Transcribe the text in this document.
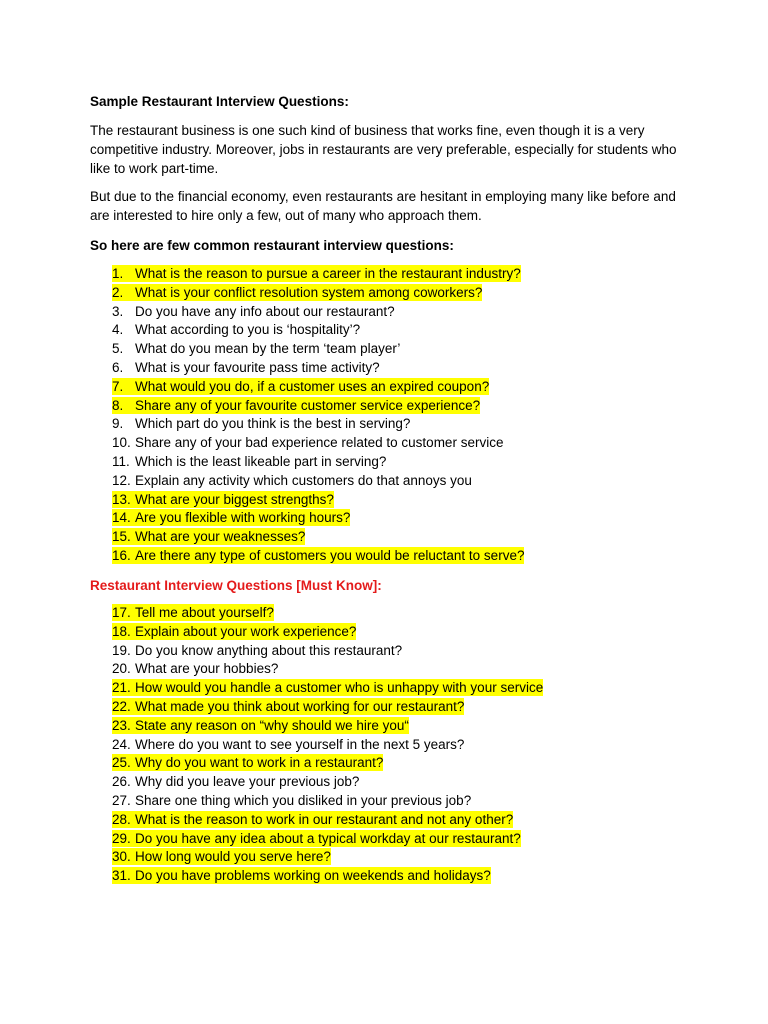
Sample Restaurant Interview Questions:
The restaurant business is one such kind of business that works fine, even though it is a very competitive industry. Moreover, jobs in restaurants are very preferable, especially for students who like to work part-time.
But due to the financial economy, even restaurants are hesitant in employing many like before and are interested to hire only a few, out of many who approach them.
So here are few common restaurant interview questions:
1. What is the reason to pursue a career in the restaurant industry?
2. What is your conflict resolution system among coworkers?
3. Do you have any info about our restaurant?
4. What according to you is ‘hospitality’?
5. What do you mean by the term ‘team player’
6. What is your favourite pass time activity?
7. What would you do, if a customer uses an expired coupon?
8. Share any of your favourite customer service experience?
9. Which part do you think is the best in serving?
10. Share any of your bad experience related to customer service
11. Which is the least likeable part in serving?
12. Explain any activity which customers do that annoys you
13. What are your biggest strengths?
14. Are you flexible with working hours?
15. What are your weaknesses?
16. Are there any type of customers you would be reluctant to serve?
Restaurant Interview Questions [Must Know]:
17. Tell me about yourself?
18. Explain about your work experience?
19. Do you know anything about this restaurant?
20. What are your hobbies?
21. How would you handle a customer who is unhappy with your service
22. What made you think about working for our restaurant?
23. State any reason on “why should we hire you“
24. Where do you want to see yourself in the next 5 years?
25. Why do you want to work in a restaurant?
26. Why did you leave your previous job?
27. Share one thing which you disliked in your previous job?
28. What is the reason to work in our restaurant and not any other?
29. Do you have any idea about a typical workday at our restaurant?
30. How long would you serve here?
31. Do you have problems working on weekends and holidays?
